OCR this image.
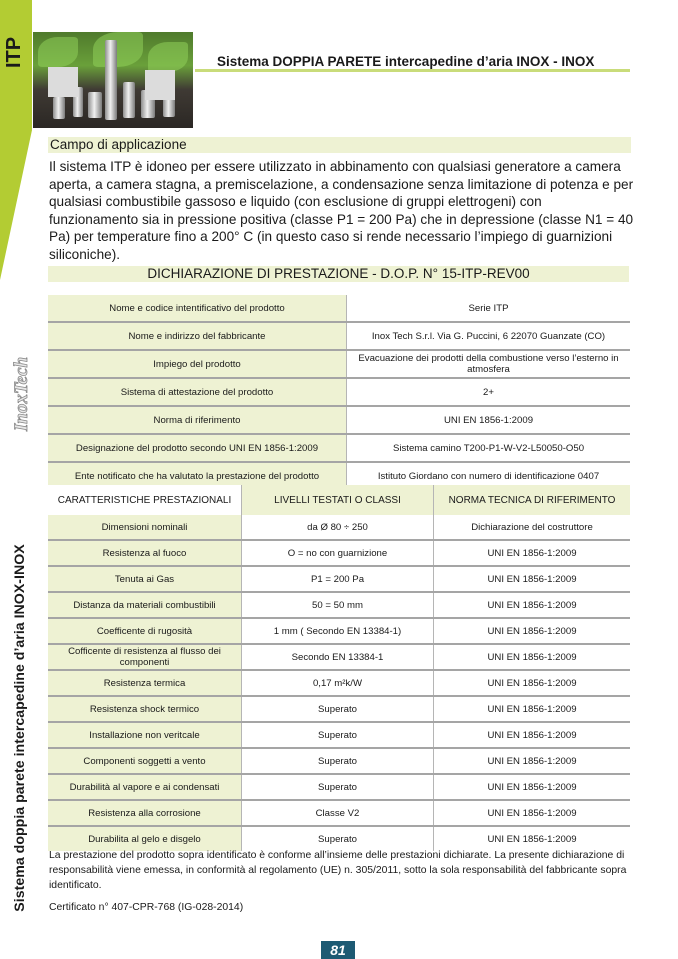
ITP	Sistema DOPPIA PARETE intercapedine d’aria INOX - INOX
Campo di applicazione
Il sistema ITP è idoneo per essere utilizzato in abbinamento con qualsiasi generatore a camera aperta, a camera stagna, a premiscelazione, a condensazione senza limitazione di potenza e per qualsiasi combustibile gassoso e liquido (con esclusione di gruppi elettrogeni) con funzionamento sia in pressione positiva (classe P1 = 200 Pa) che in depressione (classe N1 = 40 Pa) per temperature fino a 200° C (in questo caso si rende necessario l’impiego di guarnizioni siliconiche).
DICHIARAZIONE DI PRESTAZIONE - D.O.P. N° 15-ITP-REV00
Nome e codice intentificativo del prodotto	Serie ITP
Nome e indirizzo del fabbricante	Inox Tech S.r.l. Via G. Puccini, 6 22070 Guanzate (CO)
Impiego del prodotto	Evacuazione dei prodotti della combustione verso l’esterno in atmosfera
Sistema di attestazione del prodotto	2+
Norma di riferimento	UNI EN 1856-1:2009
Designazione del prodotto secondo UNI EN 1856-1:2009	Sistema camino T200-P1-W-V2-L50050-O50
Ente notificato che ha valutato la prestazione del prodotto	Istituto Giordano con numero di identificazione 0407
CARATTERISTICHE PRESTAZIONALI	LIVELLI TESTATI O CLASSI	NORMA TECNICA DI RIFERIMENTO
Dimensioni nominali	da Ø 80 ÷ 250	Dichiarazione del costruttore
Resistenza al fuoco	O = no con guarnizione	UNI EN 1856-1:2009
Tenuta ai Gas	P1 = 200 Pa	UNI EN 1856-1:2009
Distanza da materiali combustibili	50 = 50 mm	UNI EN 1856-1:2009
Coefficente di rugosità	1 mm ( Secondo EN 13384-1)	UNI EN 1856-1:2009
Cofficente di resistenza al flusso dei componenti	Secondo EN 13384-1	UNI EN 1856-1:2009
Resistenza termica	0,17 m²k/W	UNI EN 1856-1:2009
Resistenza shock termico	Superato	UNI EN 1856-1:2009
Installazione non veritcale	Superato	UNI EN 1856-1:2009
Componenti soggetti a vento	Superato	UNI EN 1856-1:2009
Durabilità al vapore e ai condensati	Superato	UNI EN 1856-1:2009
Resistenza alla corrosione	Classe V2	UNI EN 1856-1:2009
Durabilita al gelo e disgelo	Superato	UNI EN 1856-1:2009
La prestazione del prodotto sopra identificato è conforme all’insieme delle prestazioni dichiarate. La presente dichiarazione di responsabilità viene emessa, in conformità al regolamento (UE) n. 305/2011, sotto la sola responsabilità del fabbricante sopra identificato.
Certificato n° 407-CPR-768 (IG-028-2014)
81
InoxTech
Sistema doppia parete intercapedine d’aria INOX-INOX
